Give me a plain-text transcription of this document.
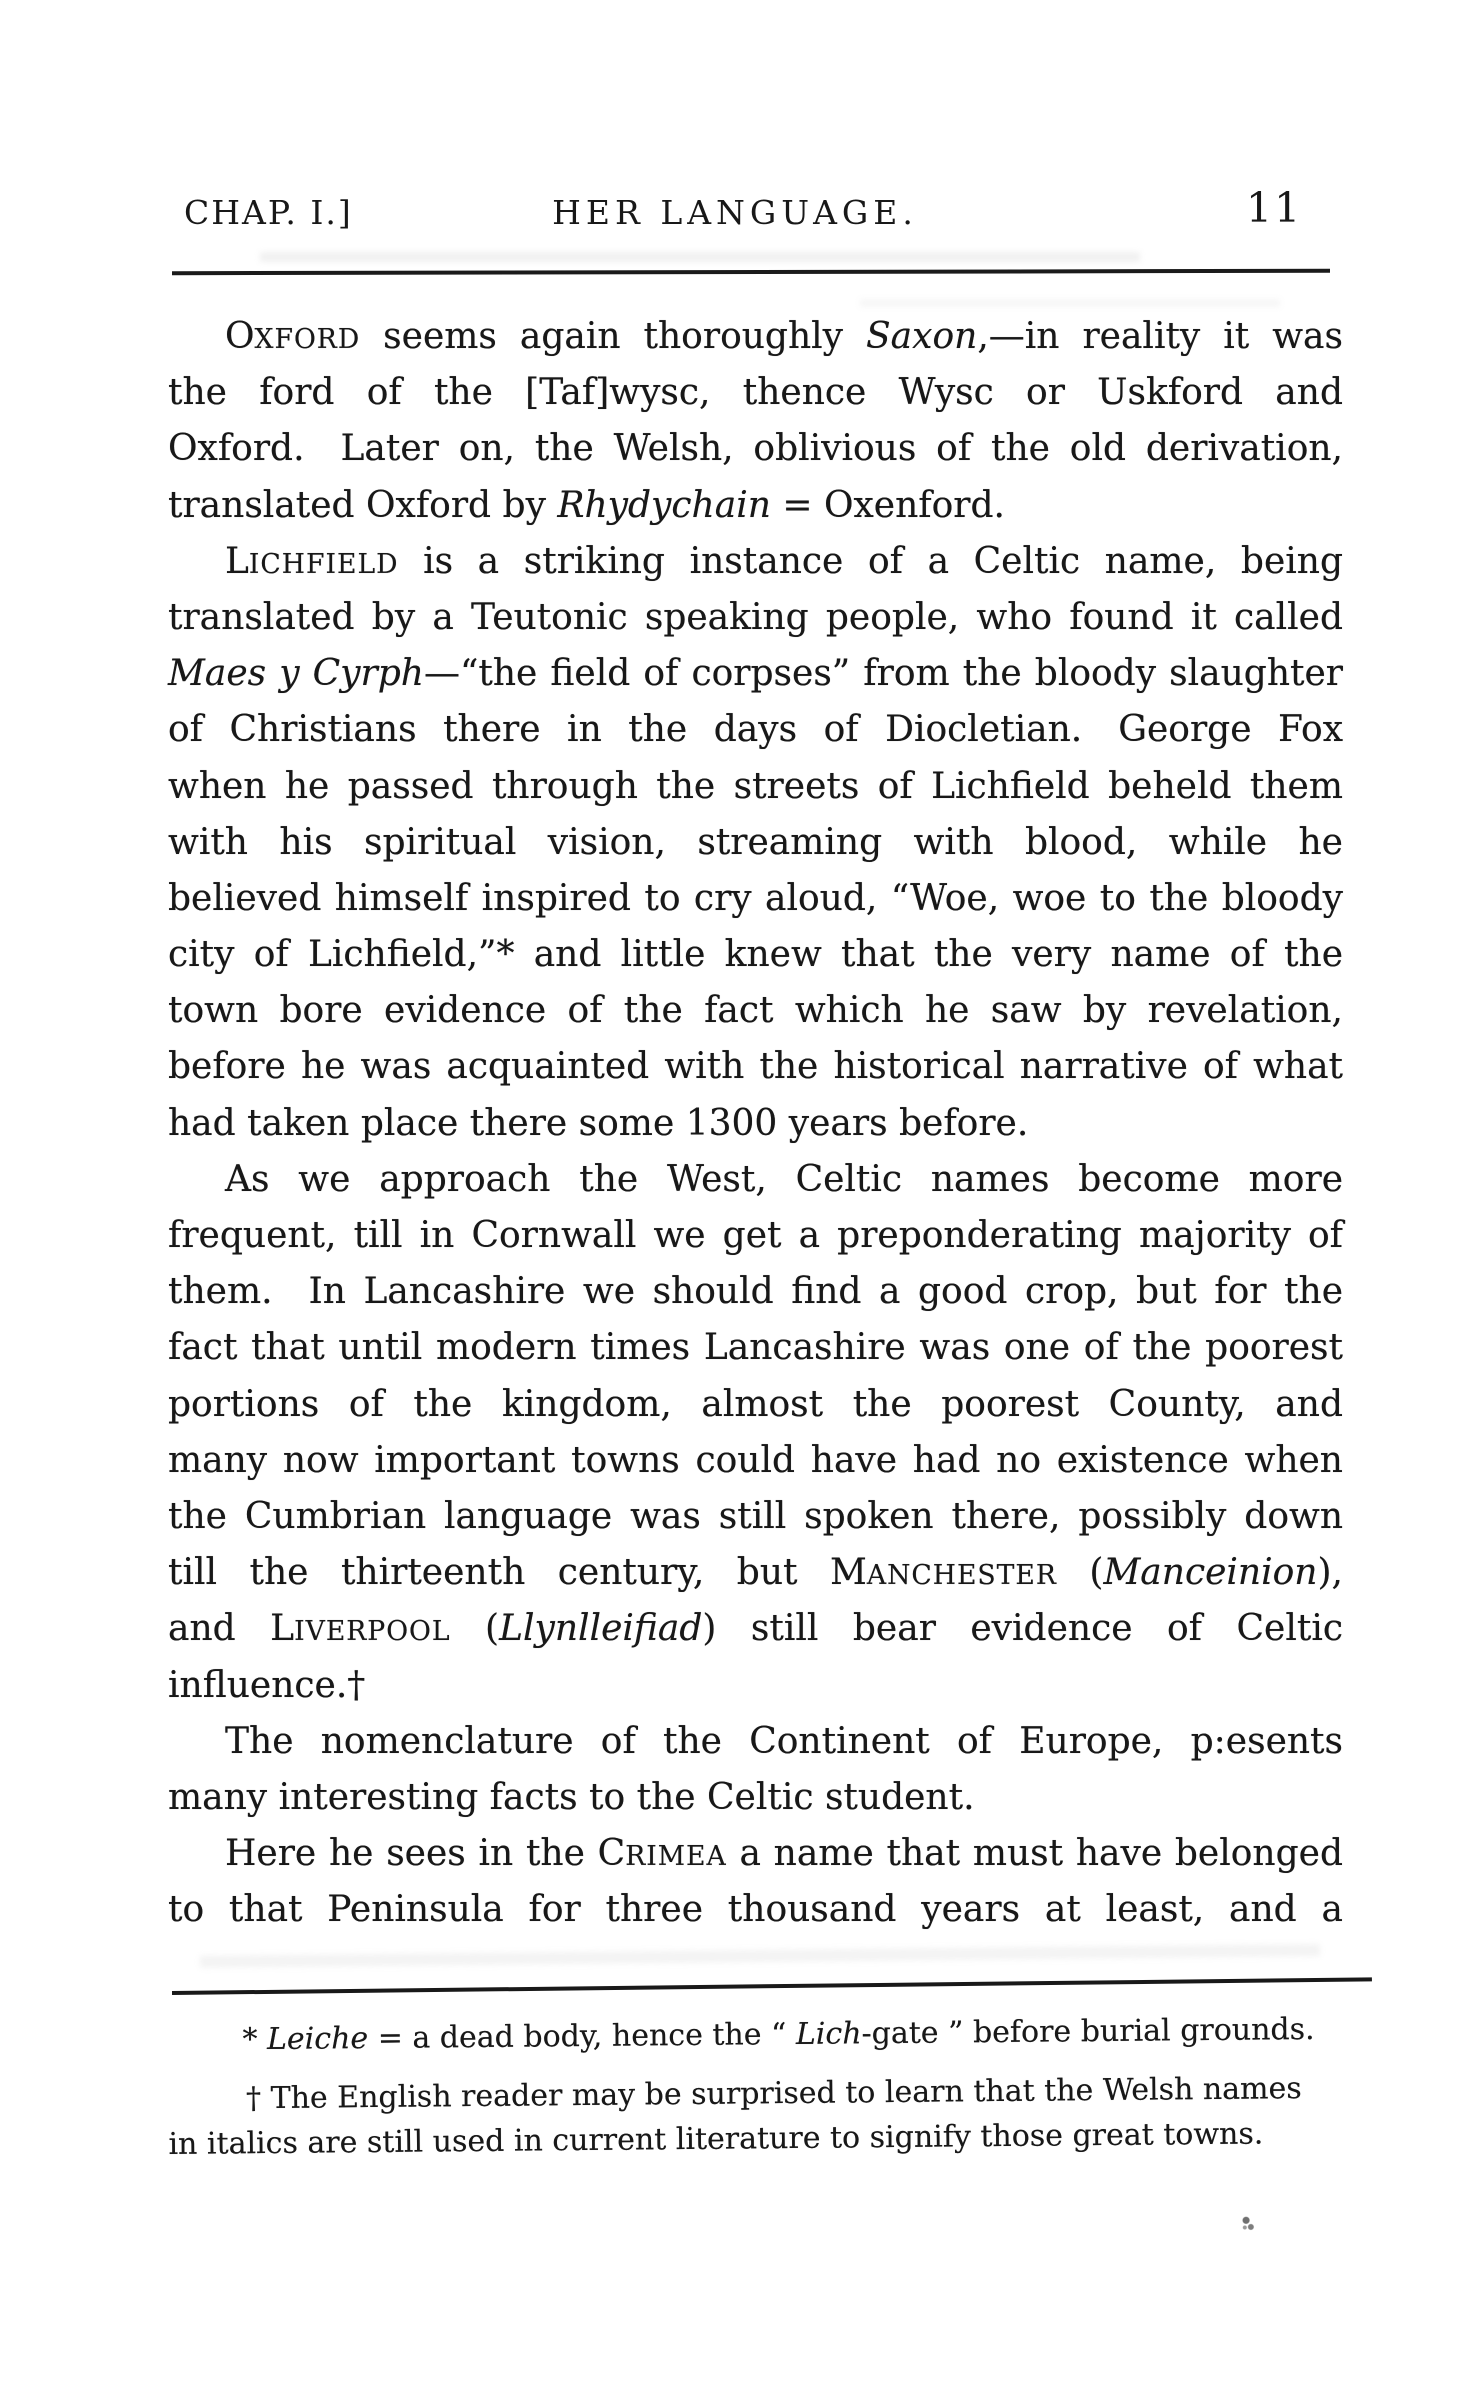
CHAP. I.]	HER LANGUAGE.	11
OXFORD seems again thoroughly Saxon,—in reality it was
the ford of the [Taf]wysc, thence Wysc or Uskford and
Oxford. Later on, the Welsh, oblivious of the old derivation,
translated Oxford by Rhydychain = Oxenford.
LICHFIELD is a striking instance of a Celtic name, being
translated by a Teutonic speaking people, who found it called
Maes y Cyrph—“the field of corpses” from the bloody slaughter
of Christians there in the days of Diocletian. George Fox
when he passed through the streets of Lichfield beheld them
with his spiritual vision, streaming with blood, while he
believed himself inspired to cry aloud, “Woe, woe to the bloody
city of Lichfield,”* and little knew that the very name of the
town bore evidence of the fact which he saw by revelation,
before he was acquainted with the historical narrative of what
had taken place there some 1300 years before.
As we approach the West, Celtic names become more
frequent, till in Cornwall we get a preponderating majority of
them. In Lancashire we should find a good crop, but for the
fact that until modern times Lancashire was one of the poorest
portions of the kingdom, almost the poorest County, and
many now important towns could have had no existence when
the Cumbrian language was still spoken there, possibly down
till the thirteenth century, but MANCHESTER (Manceinion),
and LIVERPOOL (Llynlleifiad) still bear evidence of Celtic
influence.†
The nomenclature of the Continent of Europe, p:esents
many interesting facts to the Celtic student.
Here he sees in the CRIMEA a name that must have belonged
to that Peninsula for three thousand years at least, and a
* Leiche = a dead body, hence the “ Lich-gate ” before burial grounds.
† The English reader may be surprised to learn that the Welsh names
in italics are still used in current literature to signify those great towns.
